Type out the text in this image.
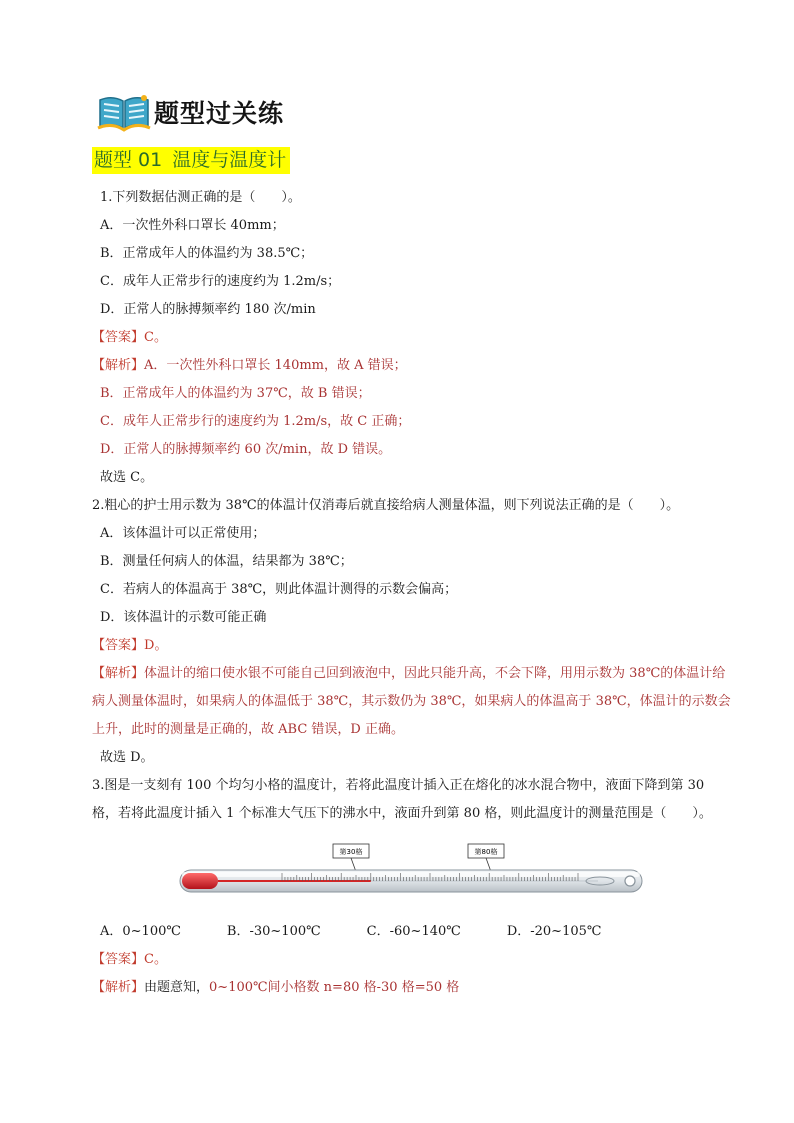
题型过关练
题型 01 温度与温度计
1.下列数据估测正确的是（　　）。
A．一次性外科口罩长 40mm；
B．正常成年人的体温约为 38.5℃；
C．成年人正常步行的速度约为 1.2m/s；
D．正常人的脉搏频率约 180 次/min
【答案】C。
【解析】A．一次性外科口罩长 140mm，故 A 错误；
B．正常成年人的体温约为 37℃，故 B 错误；
C．成年人正常步行的速度约为 1.2m/s，故 C 正确；
D．正常人的脉搏频率约 60 次/min，故 D 错误。
故选 C。
2.粗心的护士用示数为 38℃的体温计仅消毒后就直接给病人测量体温，则下列说法正确的是（　　）。
A．该体温计可以正常使用；
B．测量任何病人的体温，结果都为 38℃；
C．若病人的体温高于 38℃，则此体温计测得的示数会偏高；
D．该体温计的示数可能正确
【答案】D。
【解析】体温计的缩口使水银不可能自己回到液泡中，因此只能升高，不会下降，用用示数为 38℃的体温计给病人测量体温时，如果病人的体温低于 38℃，其示数仍为 38℃，如果病人的体温高于 38℃，体温计的示数会上升，此时的测量是正确的，故 ABC 错误，D 正确。
故选 D。
3.图是一支刻有 100 个均匀小格的温度计，若将此温度计插入正在熔化的冰水混合物中，液面下降到第 30 格，若将此温度计插入 1 个标准大气压下的沸水中，液面升到第 80 格，则此温度计的测量范围是（　　）。
第30格	第80格
A．0~100℃	B．-30~100℃	C．-60~140℃	D．-20~105℃
【答案】C。
【解析】由题意知，0~100℃间小格数 n=80 格-30 格=50 格
